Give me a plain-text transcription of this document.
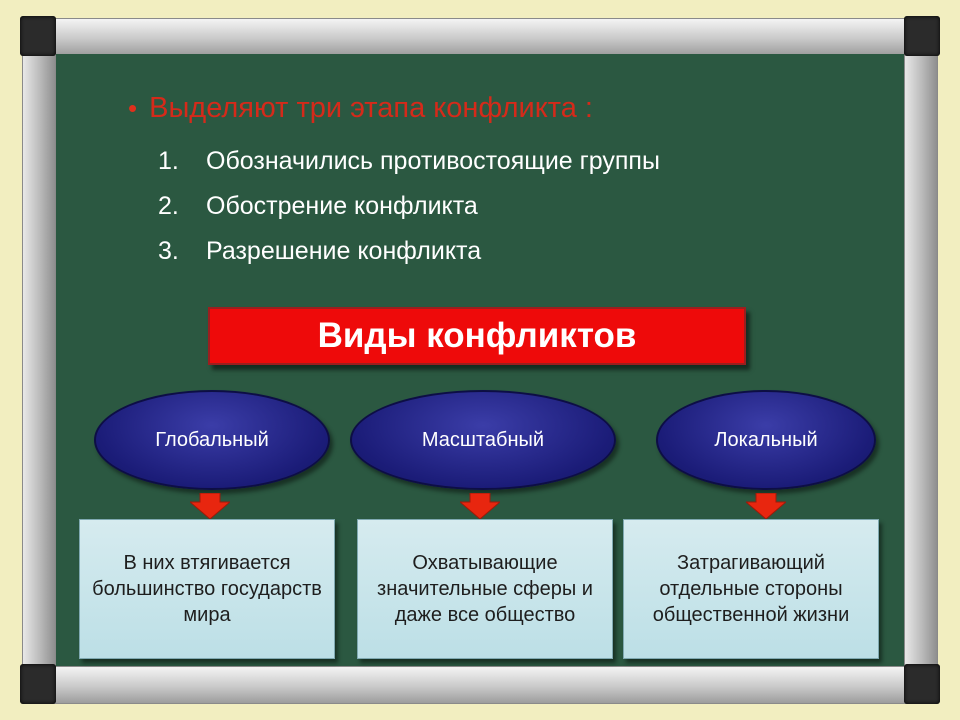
• Выделяют три этапа конфликта :
1. Обозначились противостоящие группы
2. Обострение конфликта
3. Разрешение конфликта
Виды конфликтов
Глобальный
В них втягивается большинство государств мира
Масштабный
Охватывающие значительные сферы и даже все общество
Локальный
Затрагивающий отдельные стороны общественной жизни
